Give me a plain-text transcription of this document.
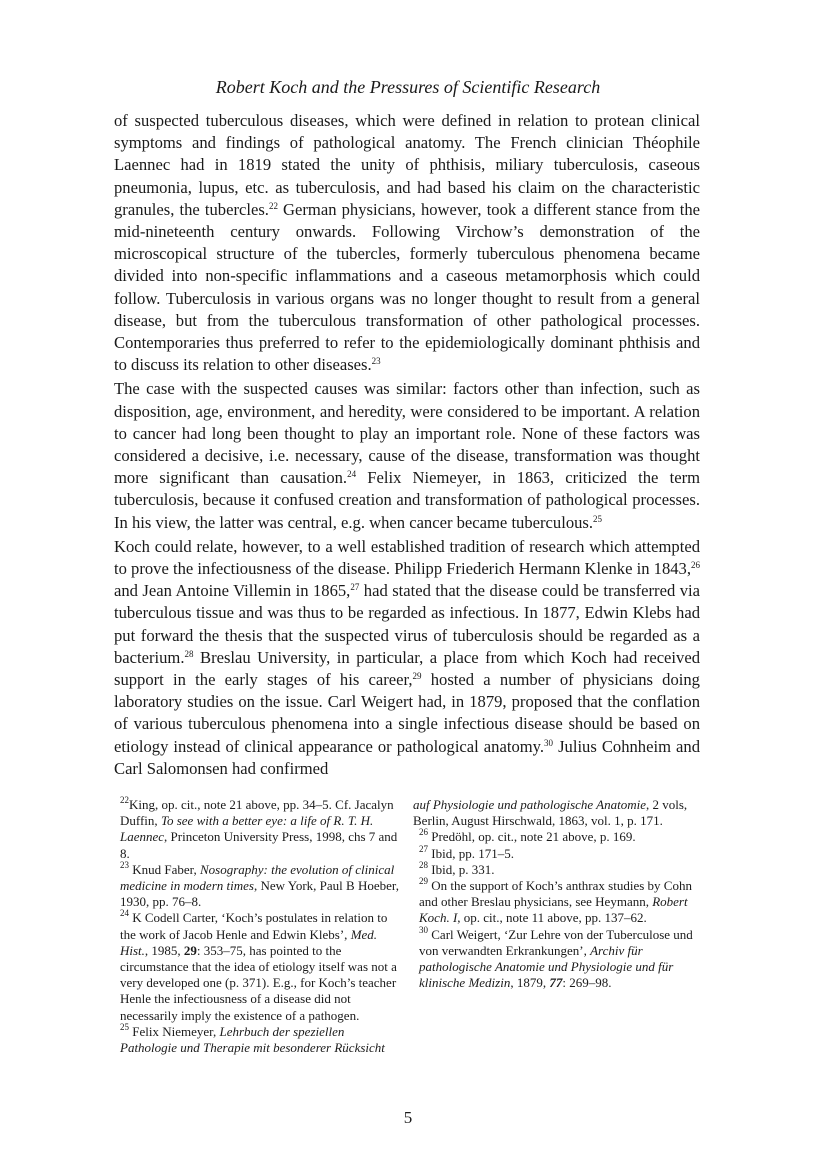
Robert Koch and the Pressures of Scientific Research

of suspected tuberculous diseases, which were defined in relation to protean clinical symptoms and findings of pathological anatomy. The French clinician Théophile Laennec had in 1819 stated the unity of phthisis, miliary tuberculosis, caseous pneumonia, lupus, etc. as tuberculosis, and had based his claim on the characteristic granules, the tubercles.$^{22}$ German physicians, however, took a different stance from the mid-nineteenth century onwards. Following Virchow’s demonstration of the microscopical structure of the tubercles, formerly tuberculous phenomena became divided into non-specific inflammations and a caseous metamorphosis which could follow. Tuberculosis in various organs was no longer thought to result from a general disease, but from the tuberculous transformation of other pathological processes. Contemporaries thus preferred to refer to the epidemiologically dominant phthisis and to discuss its relation to other diseases.$^{23}$

The case with the suspected causes was similar: factors other than infection, such as disposition, age, environment, and heredity, were considered to be important. A relation to cancer had long been thought to play an important role. None of these factors was considered a decisive, i.e. necessary, cause of the disease, transformation was thought more significant than causation.$^{24}$ Felix Niemeyer, in 1863, criticized the term tuberculosis, because it confused creation and transformation of pathological processes. In his view, the latter was central, e.g. when cancer became tuberculous.$^{25}$

Koch could relate, however, to a well established tradition of research which attempted to prove the infectiousness of the disease. Philipp Friederich Hermann Klenke in 1843,26 and Jean Antoine Villemin in 1865,27 had stated that the disease could be transferred via tuberculous tissue and was thus to be regarded as infectious. In 1877, Edwin Klebs had put forward the thesis that the suspected virus of tuberculosis should be regarded as a bacterium.$^{28}$ Breslau University, in particular, a place from which Koch had received support in the early stages of his career,$^{29}$ hosted a number of physicians doing laboratory studies on the issue. Carl Weigert had, in 1879, proposed that the conflation of various tuberculous phenomena into a single infectious disease should be based on etiology instead of clinical appearance or pathological anatomy.$^{30}$ Julius Cohnheim and Carl Salomonsen had confirmed

$^{22}$King, op. cit., note 21 above, pp. 34–5. Cf. Jacalyn Duffin, To see with a better eye: a life of R. T. H. Laennec, Princeton University Press, 1998, chs 7 and 8.

$^{23}$ Knud Faber, Nosography: the evolution of clinical medicine in modern times, New York, Paul B Hoeber, 1930, pp. 76–8.

$^{24}$ K Codell Carter, ‘Koch’s postulates in relation to the work of Jacob Henle and Edwin Klebs’, Med. Hist., 1985, 29: 353–75, has pointed to the circumstance that the idea of etiology itself was not a very developed one (p. 371). E.g., for Koch’s teacher Henle the infectiousness of a disease did not necessarily imply the existence of a pathogen.

$^{25}$ Felix Niemeyer, Lehrbuch der speziellen Pathologie und Therapie mit besonderer Rücksicht

auf Physiologie und pathologische Anatomie, 2 vols, Berlin, August Hirschwald, 1863, vol. 1, p. 171.

$^{26}$ Predöhl, op. cit., note 21 above, p. 169.

$^{27}$ Ibid, pp. 171–5.

$^{28}$ Ibid, p. 331.

$^{29}$ On the support of Koch’s anthrax studies by Cohn and other Breslau physicians, see Heymann, Robert Koch. I, op. cit., note 11 above, pp. 137–62.

$^{30}$ Carl Weigert, ‘Zur Lehre von der Tuberculose und von verwandten Erkrankungen’, Archiv für pathologische Anatomie und Physiologie und für klinische Medizin, 1879, 77: 269–98.

5
